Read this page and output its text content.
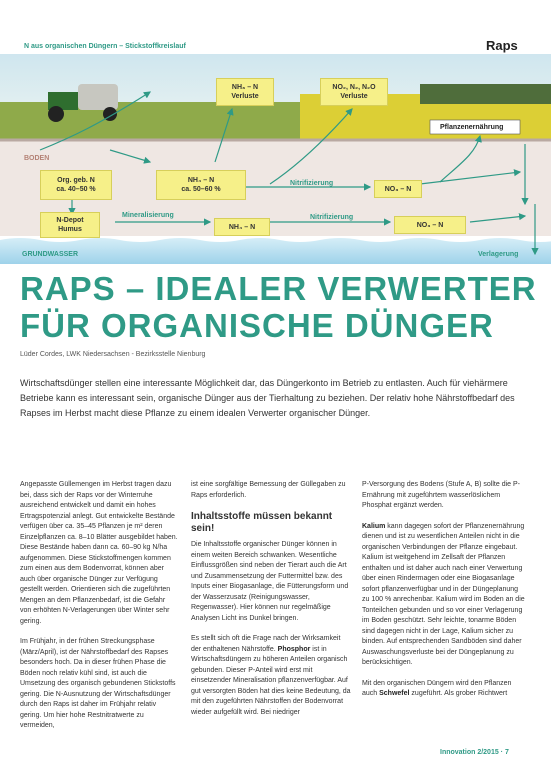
N aus organischen Düngern – Stickstoffkreislauf	Raps
NH₃ – N
Verluste
NO₂, N₂, N₂O
Verluste
Pflanzenernährung
BODEN
Org. geb. N
ca. 40–50 %
NH₄ – N
ca. 50–60 %
Nitrifizierung
NO₃ – N
N-Depot
Humus
Mineralisierung
NH₄ – N
Nitrifizierung
NO₃ – N
GRUNDWASSER	Verlagerung
RAPS – IDEALER VERWERTER
FÜR ORGANISCHE DÜNGER
Lüder Cordes, LWK Niedersachsen - Bezirksstelle Nienburg
Wirtschaftsdünger stellen eine interessante Möglichkeit dar, das Düngerkonto im Betrieb zu entlasten. Auch für viehärmere Betriebe kann es interessant sein, organische Dünger aus der Tierhaltung zu beziehen. Der relativ hohe Nährstoffbedarf des Rapses im Herbst macht diese Pflanze zu einem idealen Verwerter organischer Dünger.

Angepasste Güllemengen im Herbst tragen dazu bei, dass sich der Raps vor der Winterruhe ausreichend entwickelt und damit ein hohes Ertragspotenzial anlegt. Gut entwickelte Bestände verfügen über ca. 35–45 Pflanzen je m² deren Einzelpflanzen ca. 8–10 Blätter ausgebildet haben. Diese Bestände haben dann ca. 60–90 kg N/ha aufgenommen. Diese Stickstoffmengen kommen zum einen aus dem Bodenvorrat, können aber auch über organische Dünger zur Verfügung gestellt werden. Orientieren sich die zugeführten Mengen an dem Pflanzenbedarf, ist die Gefahr von erhöhten N-Verlagerungen über Winter sehr gering.

Im Frühjahr, in der frühen Streckungsphase (März/April), ist der Nährstoffbedarf des Rapses besonders hoch. Da in dieser frühen Phase die Böden noch relativ kühl sind, ist auch die Umsetzung des organisch gebundenen Stickstoffs gering. Die N-Ausnutzung der Wirtschaftsdünger durch den Raps ist daher im Frühjahr relativ gering. Um hier hohe Restnitratwerte zu vermeiden,

ist eine sorgfältige Bemessung der Güllegaben zu Raps erforderlich.

Inhaltsstoffe müssen bekannt sein!

Die Inhaltsstoffe organischer Dünger können in einem weiten Bereich schwanken. Wesentliche Einflussgrößen sind neben der Tierart auch die Art und Zusammensetzung der Futtermittel bzw. des Inputs einer Biogasanlage, die Fütterungsform und der Wasserzusatz (Reinigungswasser, Regenwasser). Hier können nur regelmäßige Analysen Licht ins Dunkel bringen.

Es stellt sich oft die Frage nach der Wirksamkeit der enthaltenen Nährstoffe. Phosphor ist in Wirtschaftsdüngern zu höheren Anteilen organisch gebunden. Dieser P-Anteil wird erst mit einsetzender Mineralisation pflanzenverfügbar. Auf gut versorgten Böden hat dies keine Bedeutung, da mit den zugeführten Nährstoffen der Bodenvorrat wieder aufgefüllt wird. Bei niedriger

P-Versorgung des Bodens (Stufe A, B) sollte die P-Ernährung mit zugeführtem wasserlöslichem Phosphat ergänzt werden.

Kalium kann dagegen sofort der Pflanzenernährung dienen und ist zu wesentlichen Anteilen nicht in die organischen Verbindungen der Pflanze eingebaut. Kalium ist weitgehend im Zellsaft der Pflanzen enthalten und ist daher auch nach einer Verwertung über einen Rindermagen oder eine Biogasanlage sofort pflanzenverfügbar und in der Düngeplanung zu 100 % anrechenbar. Kalium wird im Boden an die Tonteilchen gebunden und so vor einer Verlagerung im Boden geschützt. Sehr leichte, tonarme Böden sind dagegen nicht in der Lage, Kalium sicher zu binden. Auf entsprechenden Sandböden sind daher Auswaschungsverluste bei der Düngeplanung zu berücksichtigen.

Mit den organischen Düngern wird den Pflanzen auch Schwefel zugeführt. Als grober Richtwert

Innovation 2/2015 · 7
